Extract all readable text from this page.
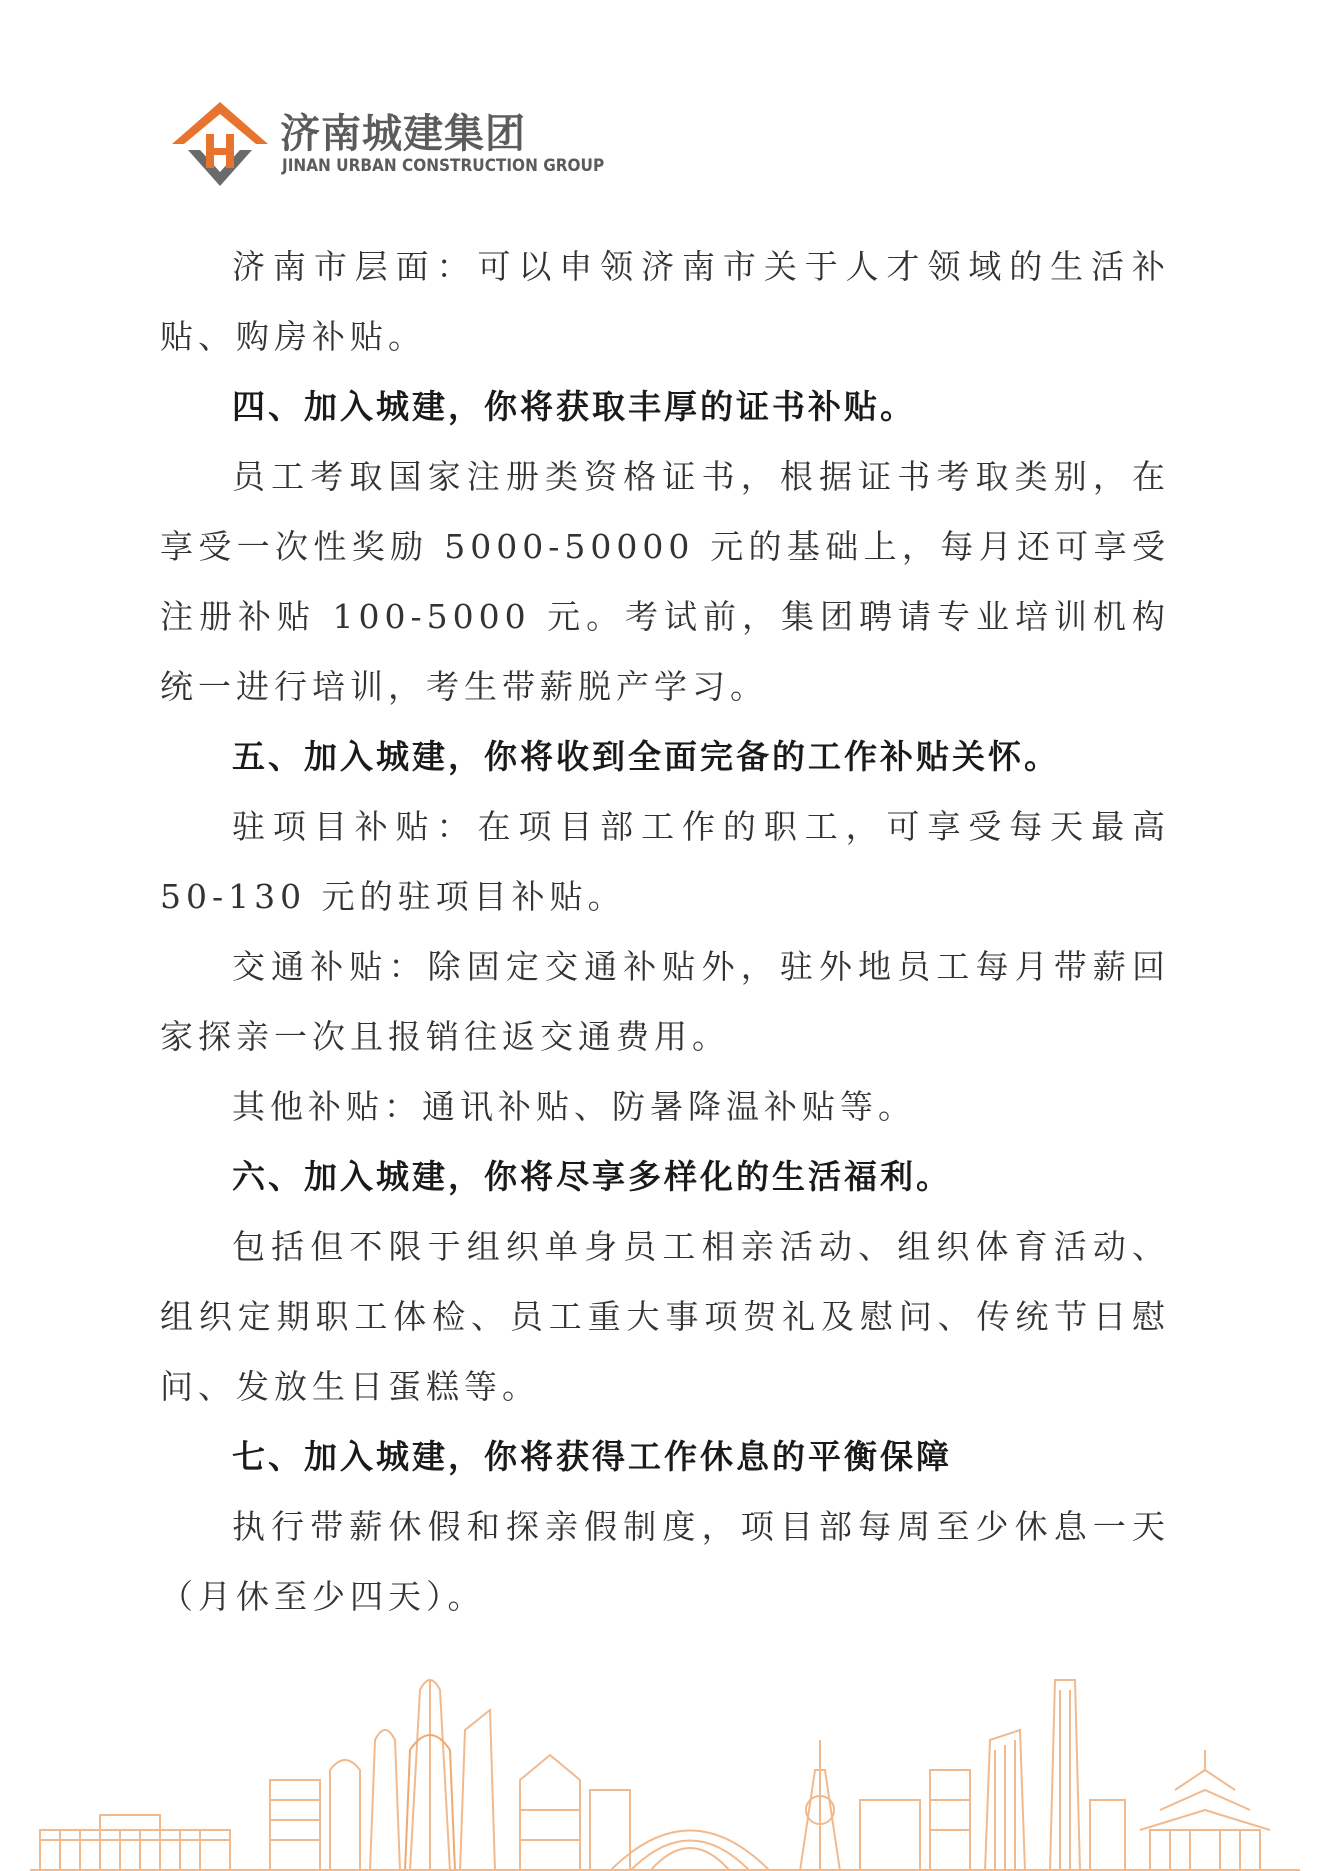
济南城建集团
JINAN URBAN CONSTRUCTION GROUP

济南市层面：可以申领济南市关于人才领域的生活补贴、购房补贴。

四、加入城建，你将获取丰厚的证书补贴。

员工考取国家注册类资格证书，根据证书考取类别，在享受一次性奖励 5000-50000 元的基础上，每月还可享受注册补贴 100-5000 元。考试前，集团聘请专业培训机构统一进行培训，考生带薪脱产学习。

五、加入城建，你将收到全面完备的工作补贴关怀。

驻项目补贴：在项目部工作的职工，可享受每天最高 50-130 元的驻项目补贴。

交通补贴：除固定交通补贴外，驻外地员工每月带薪回家探亲一次且报销往返交通费用。

其他补贴：通讯补贴、防暑降温补贴等。

六、加入城建，你将尽享多样化的生活福利。

包括但不限于组织单身员工相亲活动、组织体育活动、组织定期职工体检、员工重大事项贺礼及慰问、传统节日慰问、发放生日蛋糕等。

七、加入城建，你将获得工作休息的平衡保障

执行带薪休假和探亲假制度，项目部每周至少休息一天（月休至少四天）。
